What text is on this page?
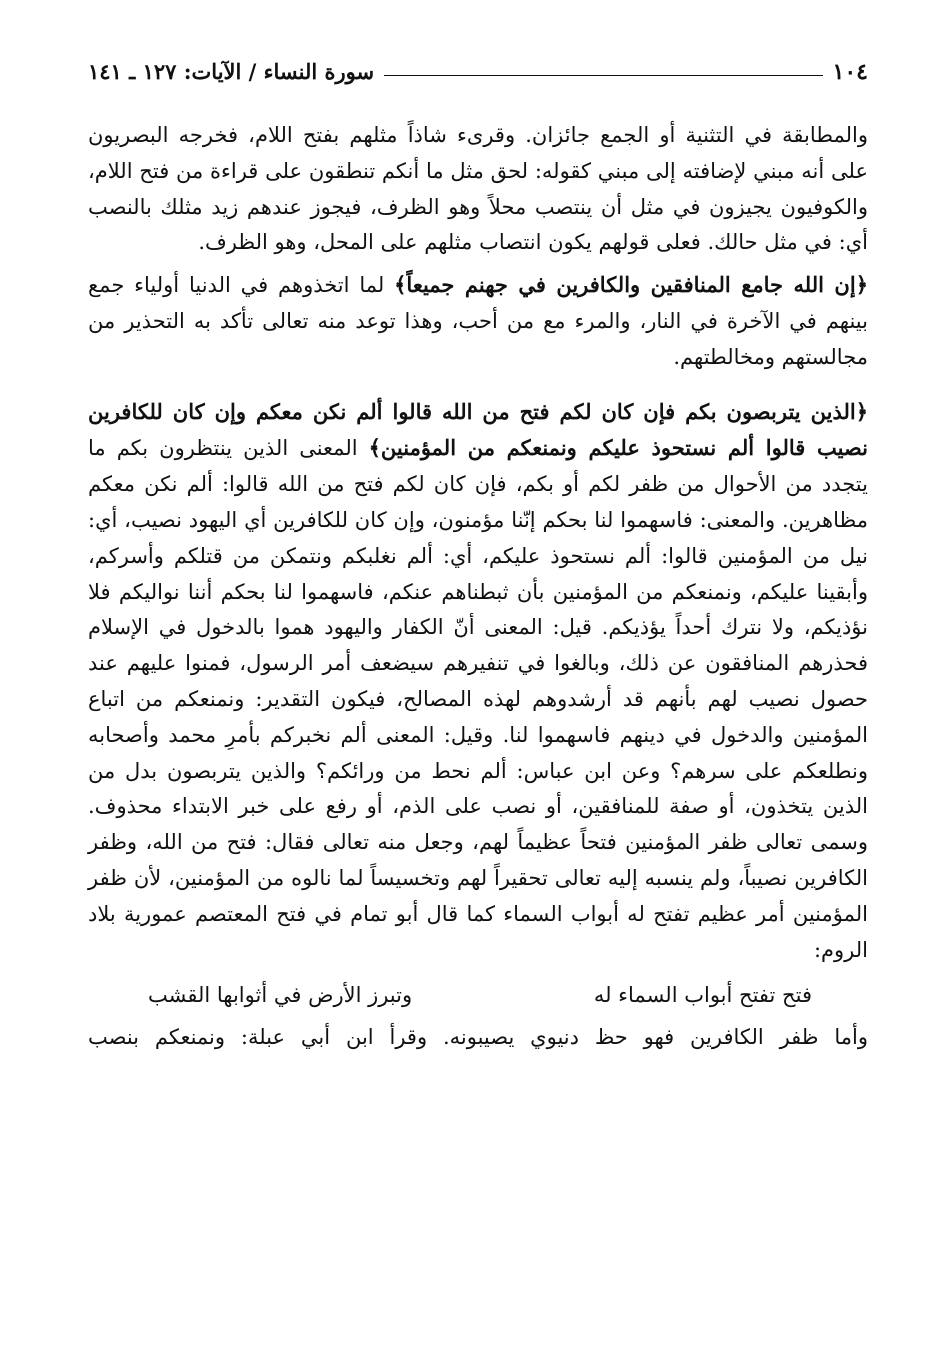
١٠٤
سورة النساء / الآيات: ١٢٧ ـ ١٤١

والمطابقة في التثنية أو الجمع جائزان. وقرىء شاذاً مثلهم بفتح اللام، فخرجه البصريون على أنه مبني لإضافته إلى مبني كقوله: لحق مثل ما أنكم تنطقون على قراءة من فتح اللام، والكوفيون يجيزون في مثل أن ينتصب محلاً وهو الظرف، فيجوز عندهم زيد مثلك بالنصب أي: في مثل حالك. فعلى قولهم يكون انتصاب مثلهم على المحل، وهو الظرف.

﴿إن الله جامع المنافقين والكافرين في جهنم جميعاً﴾ لما اتخذوهم في الدنيا أولياء جمع بينهم في الآخرة في النار، والمرء مع من أحب، وهذا توعد منه تعالى تأكد به التحذير من مجالستهم ومخالطتهم.

﴿الذين يتربصون بكم فإن كان لكم فتح من الله قالوا ألم نكن معكم وإن كان للكافرين نصيب قالوا ألم نستحوذ عليكم ونمنعكم من المؤمنين﴾ المعنى الذين ينتظرون بكم ما يتجدد من الأحوال من ظفر لكم أو بكم، فإن كان لكم فتح من الله قالوا: ألم نكن معكم مظاهرين. والمعنى: فاسهموا لنا بحكم إنّنا مؤمنون، وإن كان للكافرين أي اليهود نصيب، أي: نيل من المؤمنين قالوا: ألم نستحوذ عليكم، أي: ألم نغلبكم ونتمكن من قتلكم وأسركم، وأبقينا عليكم، ونمنعكم من المؤمنين بأن ثبطناهم عنكم، فاسهموا لنا بحكم أننا نواليكم فلا نؤذيكم، ولا نترك أحداً يؤذيكم. قيل: المعنى أنّ الكفار واليهود هموا بالدخول في الإسلام فحذرهم المنافقون عن ذلك، وبالغوا في تنفيرهم سيضعف أمر الرسول، فمنوا عليهم عند حصول نصيب لهم بأنهم قد أرشدوهم لهذه المصالح، فيكون التقدير: ونمنعكم من اتباع المؤمنين والدخول في دينهم فاسهموا لنا. وقيل: المعنى ألم نخبركم بأمرِ محمد وأصحابه ونطلعكم على سرهم؟ وعن ابن عباس: ألم نحط من ورائكم؟ والذين يتربصون بدل من الذين يتخذون، أو صفة للمنافقين، أو نصب على الذم، أو رفع على خبر الابتداء محذوف. وسمى تعالى ظفر المؤمنين فتحاً عظيماً لهم، وجعل منه تعالى فقال: فتح من الله، وظفر الكافرين نصيباً، ولم ينسبه إليه تعالى تحقيراً لهم وتخسيساً لما نالوه من المؤمنين، لأن ظفر المؤمنين أمر عظيم تفتح له أبواب السماء كما قال أبو تمام في فتح المعتصم عمورية بلاد الروم:

فتح تفتح أبواب السماء له
وتبرز الأرض في أثوابها القشب

وأما ظفر الكافرين فهو حظ دنيوي يصيبونه. وقرأ ابن أبي عبلة: ونمنعكم بنصب
